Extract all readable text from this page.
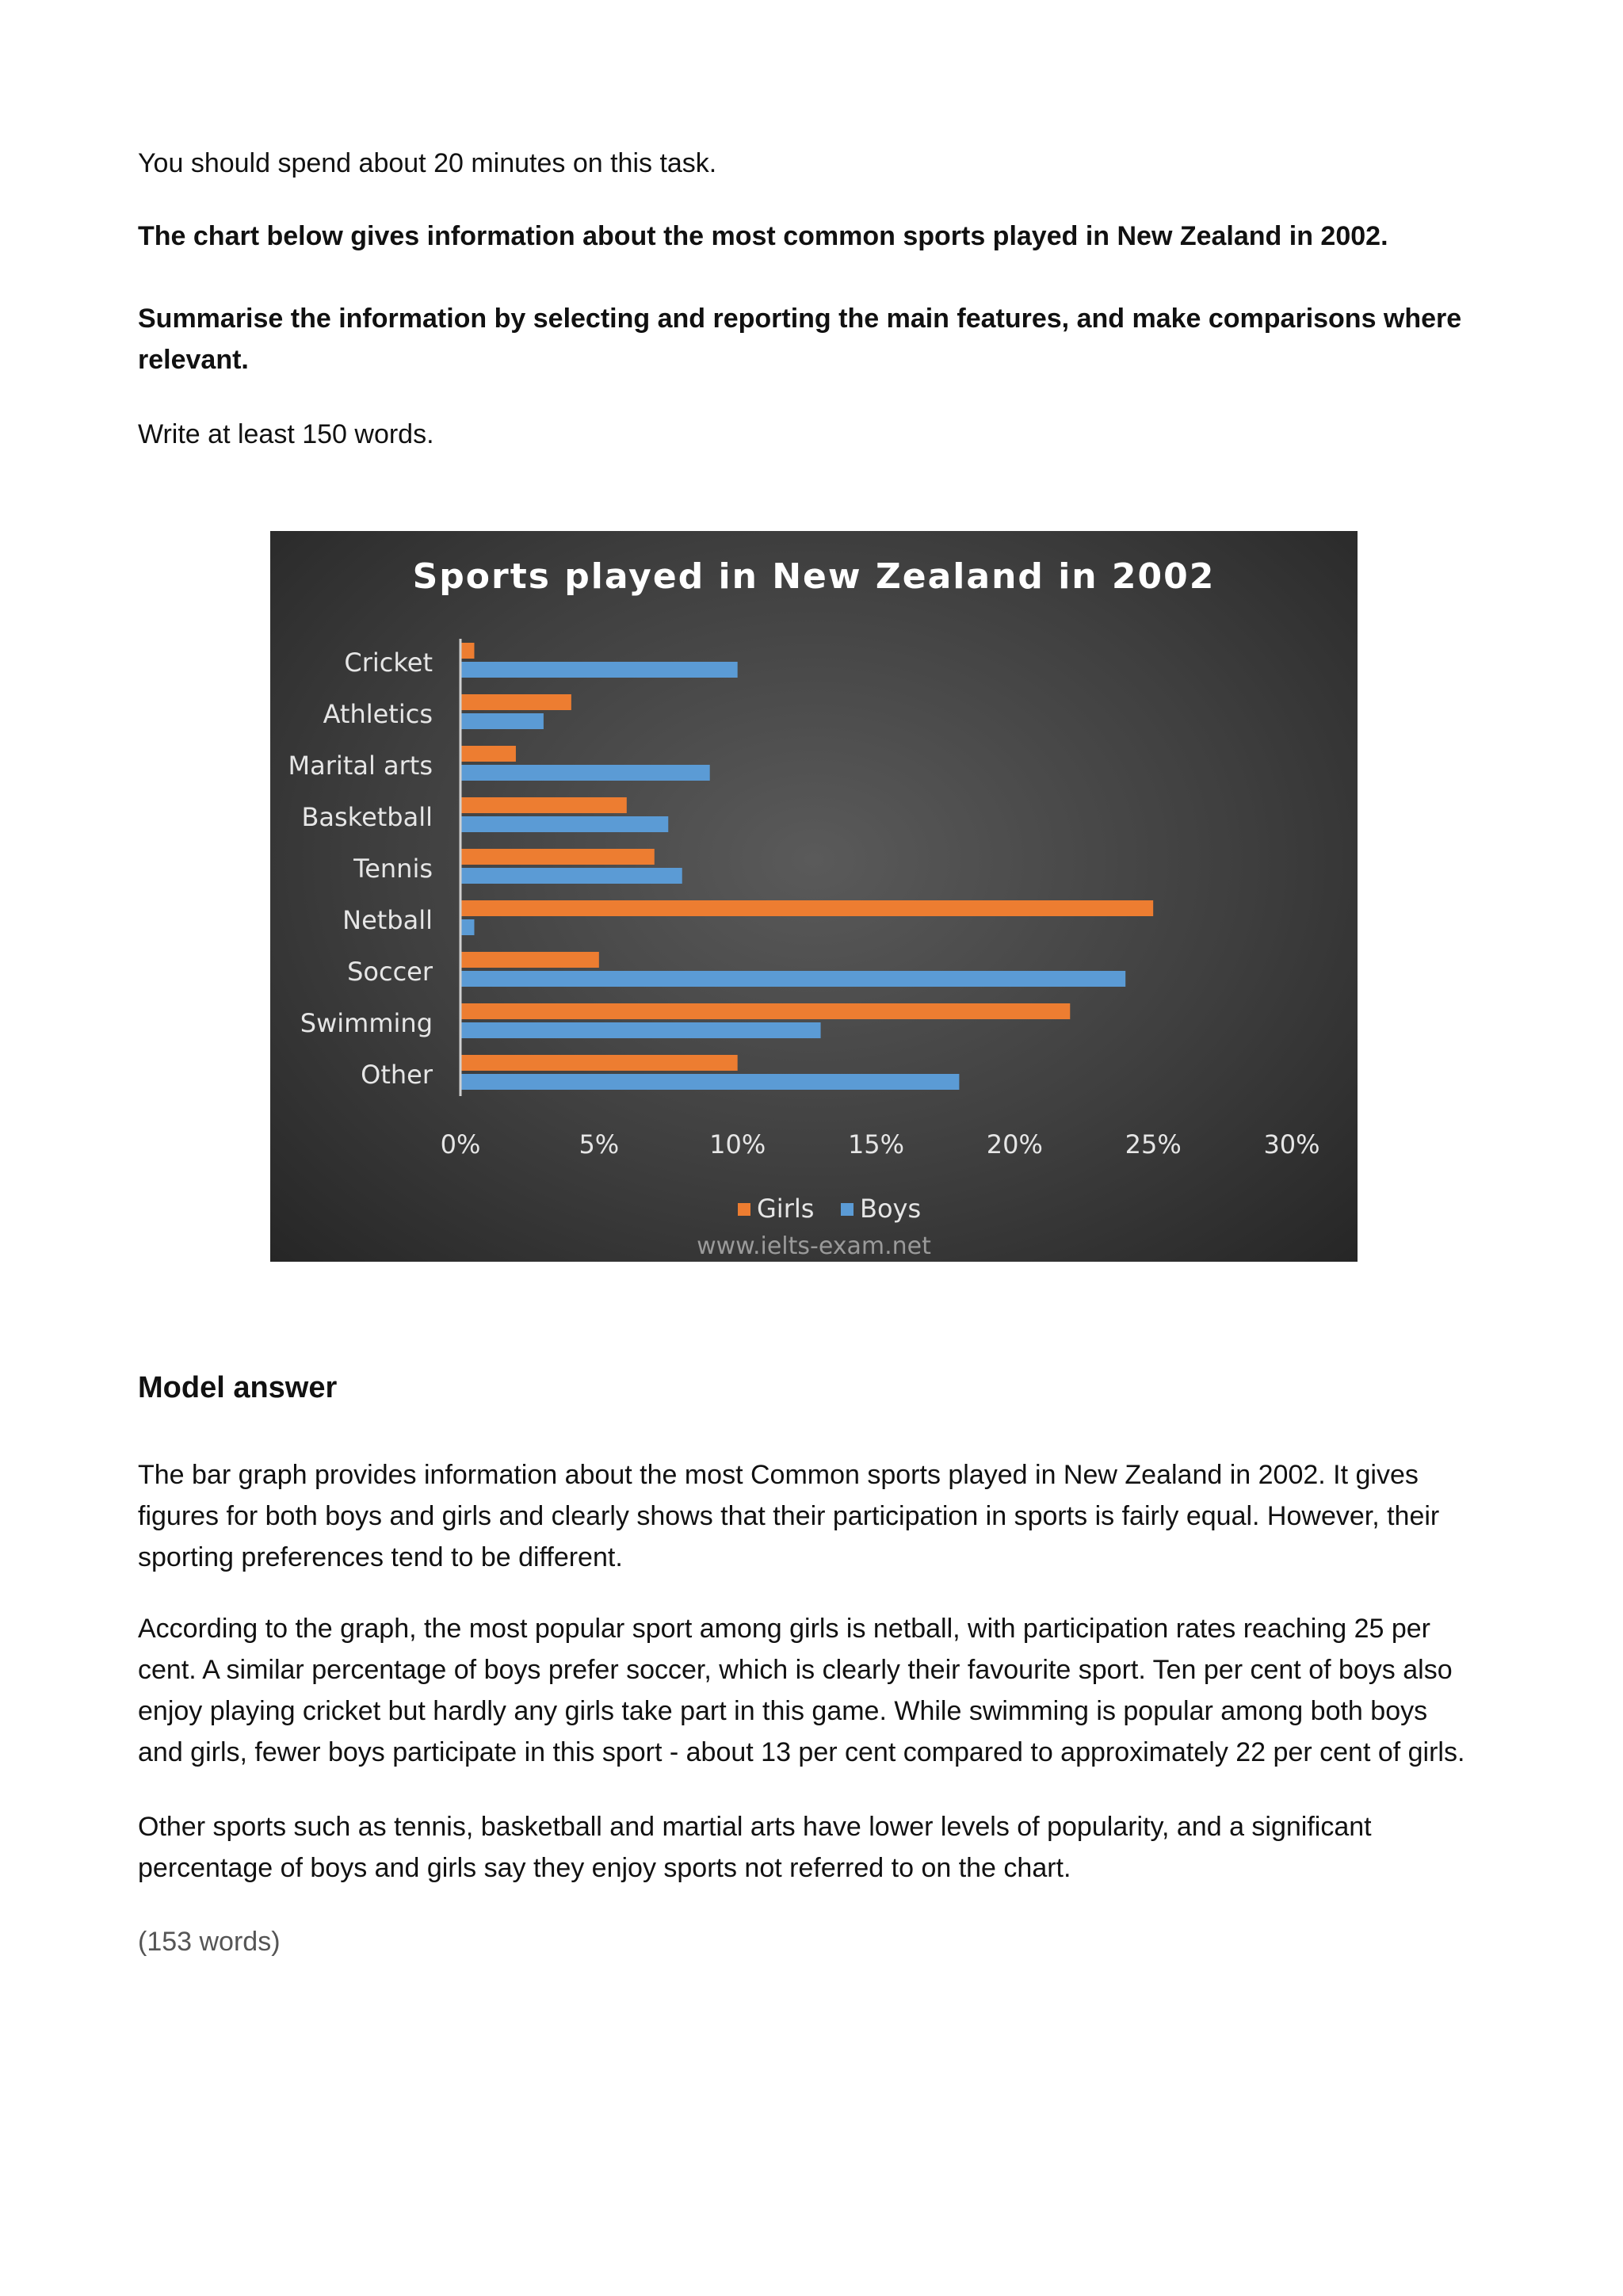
You should spend about 20 minutes on this task.

The chart below gives information about the most common sports played in New Zealand in 2002.

Summarise the information by selecting and reporting the main features, and make comparisons where relevant.

Write at least 150 words.

Sports played in New Zealand in 2002
Cricket
Athletics
Marital arts
Basketball
Tennis
Netball
Soccer
Swimming
Other
0%	5%	10%	15%	20%	25%	30%
Girls Boys
www.ielts-exam.net
Model answer

The bar graph provides information about the most Common sports played in New Zealand in 2002. It gives

figures for both boys and girls and clearly shows that their participation in sports is fairly equal. However, their

sporting preferences tend to be different.

According to the graph, the most popular sport among girls is netball, with participation rates reaching 25 per

cent. A similar percentage of boys prefer soccer, which is clearly their favourite sport. Ten per cent of boys also

enjoy playing cricket but hardly any girls take part in this game. While swimming is popular among both boys

and girls, fewer boys participate in this sport - about 13 per cent compared to approximately 22 per cent of girls.

Other sports such as tennis, basketball and martial arts have lower levels of popularity, and a significant

percentage of boys and girls say they enjoy sports not referred to on the chart.

(153 words)
